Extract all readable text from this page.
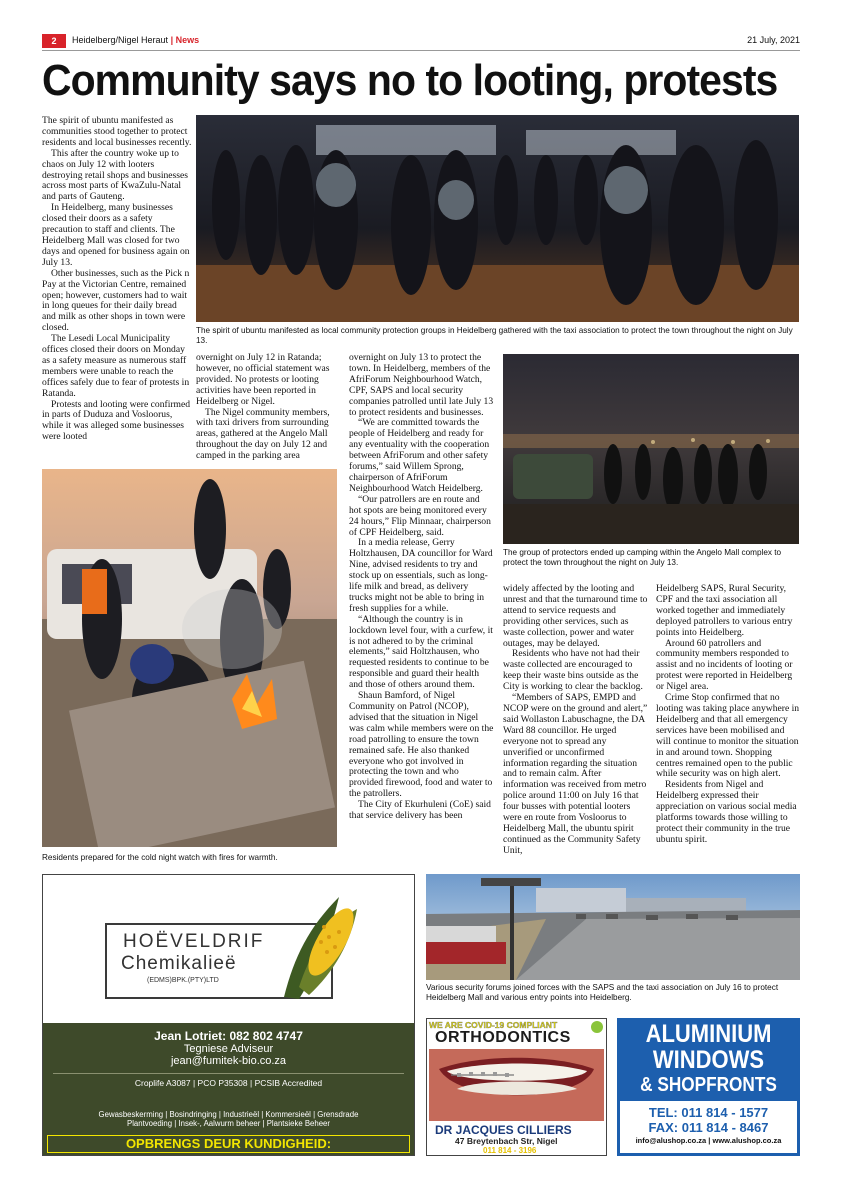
2	Heidelberg/Nigel Heraut | News	21 July, 2021
Community says no to looting, protests
The spirit of ubuntu manifested as local community protection groups in Heidelberg gathered with the taxi association to protect the town throughout the night on July 13.

The spirit of ubuntu manifested as communities stood together to protect residents and local businesses recently.

This after the country woke up to chaos on July 12 with looters destroying retail shops and businesses across most parts of KwaZulu-Natal and parts of Gauteng.

In Heidelberg, many businesses closed their doors as a safety precaution to staff and clients. The Heidelberg Mall was closed for two days and opened for business again on July 13.

Other businesses, such as the Pick n Pay at the Victorian Centre, remained open; however, customers had to wait in long queues for their daily bread and milk as other shops in town were closed.

The Lesedi Local Municipality offices closed their doors on Monday as a safety measure as numerous staff members were unable to reach the offices safely due to fear of protests in Ratanda.

Protests and looting were confirmed in parts of Duduza and Vosloorus, while it was alleged some businesses were looted

overnight on July 12 in Ratanda; however, no official statement was provided. No protests or looting activities have been reported in Heidelberg or Nigel.

The Nigel community members, with taxi drivers from surrounding areas, gathered at the Angelo Mall throughout the day on July 12 and camped in the parking area

overnight on July 13 to protect the town. In Heidelberg, members of the AfriForum Neighbourhood Watch, CPF, SAPS and local security companies patrolled until late July 13 to protect residents and businesses.

“We are committed towards the people of Heidelberg and ready for any eventuality with the cooperation between AfriForum and other safety forums,” said Willem Sprong, chairperson of AfriForum Neighbourhood Watch Heidelberg.

“Our patrollers are en route and hot spots are being monitored every 24 hours,” Flip Minnaar, chairperson of CPF Heidelberg, said.

In a media release, Gerry Holtzhausen, DA councillor for Ward Nine, advised residents to try and stock up on essentials, such as long-life milk and bread, as delivery trucks might not be able to bring in fresh supplies for a while.

“Although the country is in lockdown level four, with a curfew, it is not adhered to by the criminal elements,” said Holtzhausen, who requested residents to continue to be responsible and guard their health and those of others around them.

Shaun Bamford, of Nigel Community on Patrol (NCOP), advised that the situation in Nigel was calm while members were on the road patrolling to ensure the town remained safe. He also thanked everyone who got involved in protecting the town and who provided firewood, food and water to the patrollers.

The City of Ekurhuleni (CoE) said that service delivery has been

The group of protectors ended up camping within the Angelo Mall complex to protect the town throughout the night on July 13.
Residents prepared for the cold night watch with fires for warmth.

widely affected by the looting and unrest and that the turnaround time to attend to service requests and providing other services, such as waste collection, power and water outages, may be delayed.

Residents who have not had their waste collected are encouraged to keep their waste bins outside as the City is working to clear the backlog.

“Members of SAPS, EMPD and NCOP were on the ground and alert,” said Wollaston Labuschagne, the DA Ward 88 councillor. He urged everyone not to spread any unverified or unconfirmed information regarding the situation and to remain calm. After information was received from metro police around 11:00 on July 16 that four busses with potential looters were en route from Vosloorus to Heidelberg Mall, the ubuntu spirit continued as the Community Safety Unit,

Heidelberg SAPS, Rural Security, CPF and the taxi association all worked together and immediately deployed patrollers to various entry points into Heidelberg.

Around 60 patrollers and community members responded to assist and no incidents of looting or protest were reported in Heidelberg or Nigel area.

Crime Stop confirmed that no looting was taking place anywhere in Heidelberg and that all emergency services have been mobilised and will continue to monitor the situation in and around town. Shopping centres remained open to the public while security was on high alert.

Residents from Nigel and Heidelberg expressed their appreciation on various social media platforms towards those willing to protect their community in the true ubuntu spirit.

Various security forums joined forces with the SAPS and the taxi association on July 16 to protect Heidelberg Mall and various entry points into Heidelberg.
HOËVELDRIF
Chemikalieë
(EDMS)BPK.(PTY)LTD
Jean Lotriet: 082 802 4747
Tegniese Adviseur
jean@fumitek-bio.co.za
Croplife A3087 | PCO P35308 | PCSIB Accredited
Gewasbeskerming | Bosindringing | Industrieël | Kommersieël | Grensdrade
Plantvoeding | Insek-, Aalwurm beheer | Plantsieke Beheer
OPBRENGS DEUR KUNDIGHEID:
WE ARE COVID-19 COMPLIANT
ORTHODONTICS
DR JACQUES CILLIERS
47 Breytenbach Str, Nigel
011 814 - 3196
ALUMINIUM
WINDOWS
& SHOPFRONTS
TEL: 011 814 - 1577
FAX: 011 814 - 8467
info@alushop.co.za | www.alushop.co.za
